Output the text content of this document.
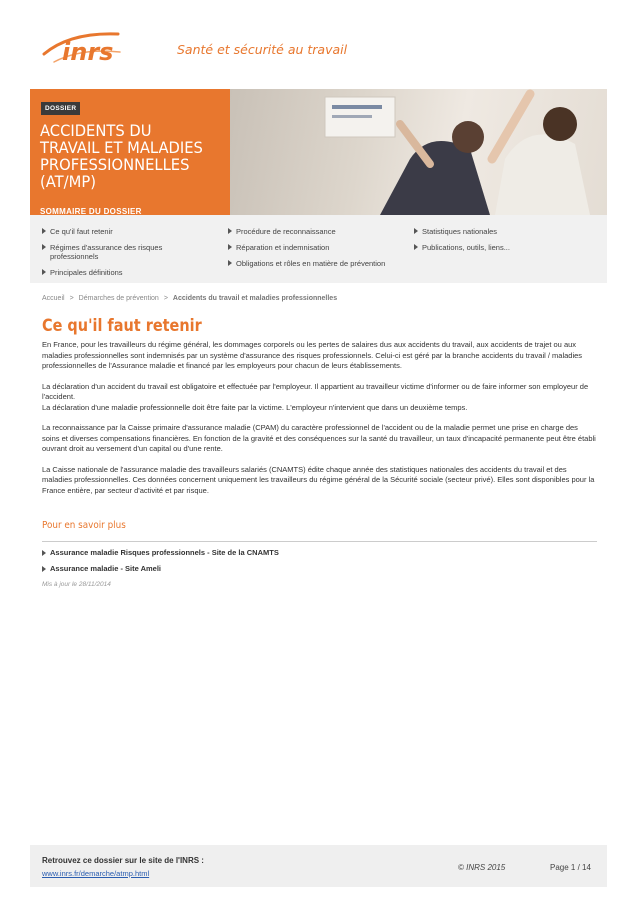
inrs	Santé et sécurité au travail
DOSSIER
ACCIDENTS DU TRAVAIL ET MALADIES PROFESSIONNELLES (AT/MP)
SOMMAIRE DU DOSSIER
Ce qu'il faut retenir
Régimes d'assurance des risques professionnels
Principales définitions
Procédure de reconnaissance
Réparation et indemnisation
Obligations et rôles en matière de prévention
Statistiques nationales
Publications, outils, liens...
Accueil > Démarches de prévention > Accidents du travail et maladies professionnelles
Ce qu'il faut retenir

En France, pour les travailleurs du régime général, les dommages corporels ou les pertes de salaires dus aux accidents du travail, aux accidents de trajet ou aux maladies professionnelles sont indemnisés par un système d'assurance des risques professionnels. Celui-ci est géré par la branche accidents du travail / maladies professionnelles de l'Assurance maladie et financé par les employeurs pour chacun de leurs établissements.

La déclaration d'un accident du travail est obligatoire et effectuée par l'employeur. Il appartient au travailleur victime d'informer ou de faire informer son employeur de l'accident.

La déclaration d'une maladie professionnelle doit être faite par la victime. L'employeur n'intervient que dans un deuxième temps.

La reconnaissance par la Caisse primaire d'assurance maladie (CPAM) du caractère professionnel de l'accident ou de la maladie permet une prise en charge des soins et diverses compensations financières. En fonction de la gravité et des conséquences sur la santé du travailleur, un taux d'incapacité permanente peut être établi ouvrant droit au versement d'un capital ou d'une rente.

La Caisse nationale de l'assurance maladie des travailleurs salariés (CNAMTS) édite chaque année des statistiques nationales des accidents du travail et des maladies professionnelles. Ces données concernent uniquement les travailleurs du régime général de la Sécurité sociale (secteur privé). Elles sont disponibles pour la France entière, par secteur d'activité et par risque.

Pour en savoir plus
Assurance maladie Risques professionnels - Site de la CNAMTS
Assurance maladie - Site Ameli
Mis à jour le 28/11/2014
Retrouvez ce dossier sur le site de l'INRS :
www.inrs.fr/demarche/atmp.html
© INRS 2015	Page 1 / 14
